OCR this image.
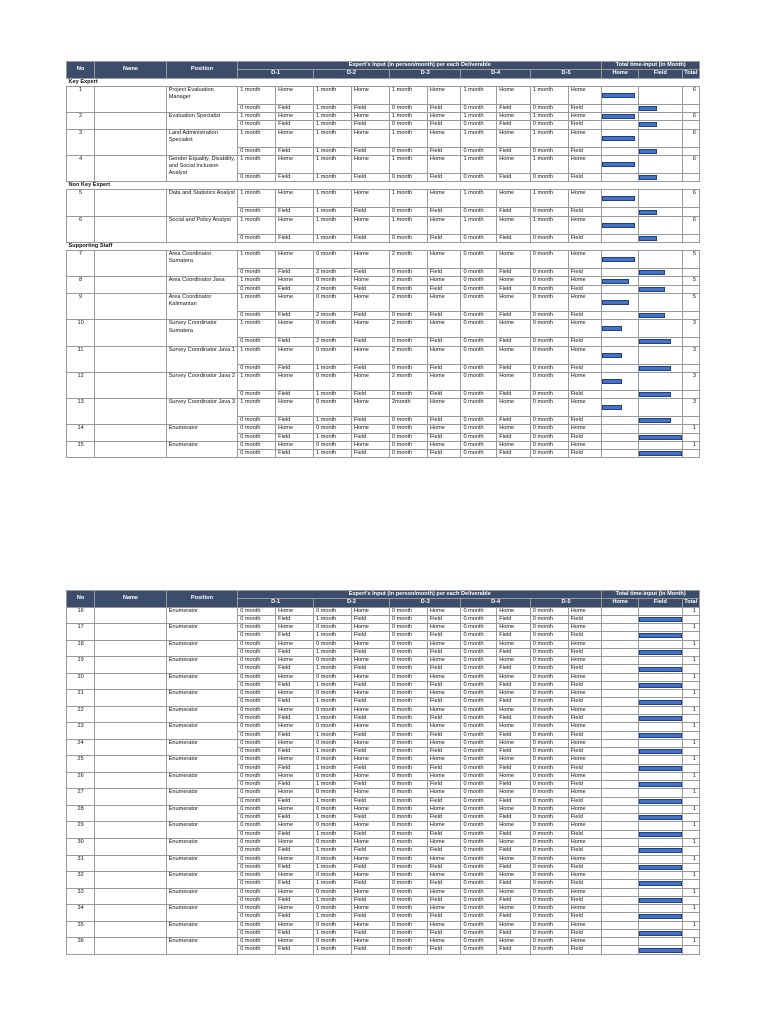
No	Name	Position	Expert's Input (in person/month) per each Deliverable										Total time-input (in Month)		
			D-1		D-2		D-3		D-4		D-5		Home	Field	Total
Key Expert															
1		Project Evaluation Manager	1 month	Home	1 month	Home	1 month	Home	1 month	Home	1 month	Home			6
			0 month	Field	1 month	Field	0 month	Field	0 month	Field	0 month	Field		

2		Evaluation Specialist	1 month	Home	1 month	Home	1 month	Home	1 month	Home	1 month	Home			6
			0 month	Field	1 month	Field	0 month	Field	0 month	Field	0 month	Field		

3		Land Administration Specialist	1 month	Home	1 month	Home	1 month	Home	1 month	Home	1 month	Home			6
			0 month	Field	1 month	Field	0 month	Field	0 month	Field	0 month	Field		

4		Gender Equality, Disability, and Social Inclusion Analyst	1 month	Home	1 month	Home	1 month	Home	1 month	Home	1 month	Home			6
			0 month	Field	1 month	Field	0 month	Field	0 month	Field	0 month	Field		

Non Key Expert															
5		Data and Statistics Analyst	1 month	Home	1 month	Home	1 month	Home	1 month	Home	1 month	Home			6
			0 month	Field	1 month	Field	0 month	Field	0 month	Field	0 month	Field		

6		Social and Policy Analyst	1 month	Home	1 month	Home	1 month	Home	1 month	Home	1 month	Home			6
			0 month	Field	1 month	Field	0 month	Field	0 month	Field	0 month	Field		

Supporting Staff															
7		Area Coordinator Sumatera	1 month	Home	0 month	Home	2 month	Home	0 month	Home	0 month	Home			5
			0 month	Field	2 month	Field	0 month	Field	0 month	Field	0 month	Field		

8		Area Coordinator Java	1 month	Home	0 month	Home	2 month	Home	0 month	Home	0 month	Home			5
			0 month	Field	2 month	Field	0 month	Field	0 month	Field	0 month	Field		

9		Area Coordinator Kalimantan	1 month	Home	0 month	Home	2 month	Home	0 month	Home	0 month	Home			5
			0 month	Field	2 month	Field	0 month	Field	0 month	Field	0 month	Field		

10		Survey Coordinator Sumatera	1 month	Home	0 month	Home	2 month	Home	0 month	Home	0 month	Home			3
			0 month	Field	2 month	Field	0 month	Field	0 month	Field	0 month	Field		

11		Survey Coordinator Java 1	1 month	Home	0 month	Home	2 month	Home	0 month	Home	0 month	Home			3
			0 month	Field	1 month	Field	0 month	Field	0 month	Field	0 month	Field		

12		Survey Coordinator Java 2	1 month	Home	0 month	Home	2 month	Home	0 month	Home	0 month	Home			3
			0 month	Field	1 month	Field	0 month	Field	0 month	Field	0 month	Field		

13		Survey Coordinator Java 3	1 month	Home	0 month	Home	2month	Home	0 month	Home	0 month	Home			3
			0 month	Field	1 month	Field	0 month	Field	0 month	Field	0 month	Field		

14		Enumerator	0 month	Home	0 month	Home	0 month	Home	0 month	Home	0 month	Home			1
			0 month	Field	1 month	Field	0 month	Field	0 month	Field	0 month	Field		

15		Enumerator	0 month	Home	0 month	Home	0 month	Home	0 month	Home	0 month	Home			1
			0 month	Field	1 month	Field	0 month	Field	0 month	Field	0 month	Field		

No	Name	Position	Expert's Input (in person/month) per each Deliverable										Total time-input (in Month)		
			D-1		D-2		D-3		D-4		D-5		Home	Field	Total
16		Enumerator	0 month	Home	0 month	Home	0 month	Home	0 month	Home	0 month	Home			1
			0 month	Field	1 month	Field	0 month	Field	0 month	Field	0 month	Field		

17		Enumerator	0 month	Home	0 month	Home	0 month	Home	0 month	Home	0 month	Home			1
			0 month	Field	1 month	Field	0 month	Field	0 month	Field	0 month	Field		

18		Enumerator	0 month	Home	0 month	Home	0 month	Home	0 month	Home	0 month	Home			1
			0 month	Field	1 month	Field	0 month	Field	0 month	Field	0 month	Field		

19		Enumerator	0 month	Home	0 month	Home	0 month	Home	0 month	Home	0 month	Home			1
			0 month	Field	1 month	Field	0 month	Field	0 month	Field	0 month	Field		

20		Enumerator	0 month	Home	0 month	Home	0 month	Home	0 month	Home	0 month	Home			1
			0 month	Field	1 month	Field	0 month	Field	0 month	Field	0 month	Field		

21		Enumerator	0 month	Home	0 month	Home	0 month	Home	0 month	Home	0 month	Home			1
			0 month	Field	1 month	Field	0 month	Field	0 month	Field	0 month	Field		

22		Enumerator	0 month	Home	0 month	Home	0 month	Home	0 month	Home	0 month	Home			1
			0 month	Field	1 month	Field	0 month	Field	0 month	Field	0 month	Field		

23		Enumerator	0 month	Home	0 month	Home	0 month	Home	0 month	Home	0 month	Home			1
			0 month	Field	1 month	Field	0 month	Field	0 month	Field	0 month	Field		

24		Enumerator	0 month	Home	0 month	Home	0 month	Home	0 month	Home	0 month	Home			1
			0 month	Field	1 month	Field	0 month	Field	0 month	Field	0 month	Field		

25		Enumerator	0 month	Home	0 month	Home	0 month	Home	0 month	Home	0 month	Home			1
			0 month	Field	1 month	Field	0 month	Field	0 month	Field	0 month	Field		

26		Enumerator	0 month	Home	0 month	Home	0 month	Home	0 month	Home	0 month	Home			1
			0 month	Field	1 month	Field	0 month	Field	0 month	Field	0 month	Field		

27		Enumerator	0 month	Home	0 month	Home	0 month	Home	0 month	Home	0 month	Home			1
			0 month	Field	1 month	Field	0 month	Field	0 month	Field	0 month	Field		

28		Enumerator	0 month	Home	0 month	Home	0 month	Home	0 month	Home	0 month	Home			1
			0 month	Field	1 month	Field	0 month	Field	0 month	Field	0 month	Field		

29		Enumerator	0 month	Home	0 month	Home	0 month	Home	0 month	Home	0 month	Home			1
			0 month	Field	1 month	Field	0 month	Field	0 month	Field	0 month	Field		

30		Enumerator	0 month	Home	0 month	Home	0 month	Home	0 month	Home	0 month	Home			1
			0 month	Field	1 month	Field	0 month	Field	0 month	Field	0 month	Field		

31		Enumerator	0 month	Home	0 month	Home	0 month	Home	0 month	Home	0 month	Home			1
			0 month	Field	1 month	Field	0 month	Field	0 month	Field	0 month	Field		

32		Enumerator	0 month	Home	0 month	Home	0 month	Home	0 month	Home	0 month	Home			1
			0 month	Field	1 month	Field	0 month	Field	0 month	Field	0 month	Field		

33		Enumerator	0 month	Home	0 month	Home	0 month	Home	0 month	Home	0 month	Home			1
			0 month	Field	1 month	Field	0 month	Field	0 month	Field	0 month	Field		

34		Enumerator	0 month	Home	0 month	Home	0 month	Home	0 month	Home	0 month	Home			1
			0 month	Field	1 month	Field	0 month	Field	0 month	Field	0 month	Field		

35		Enumerator	0 month	Home	0 month	Home	0 month	Home	0 month	Home	0 month	Home			1
			0 month	Field	1 month	Field	0 month	Field	0 month	Field	0 month	Field		

36		Enumerator	0 month	Home	0 month	Home	0 month	Home	0 month	Home	0 month	Home			1
			0 month	Field	1 month	Field	0 month	Field	0 month	Field	0 month	Field		
